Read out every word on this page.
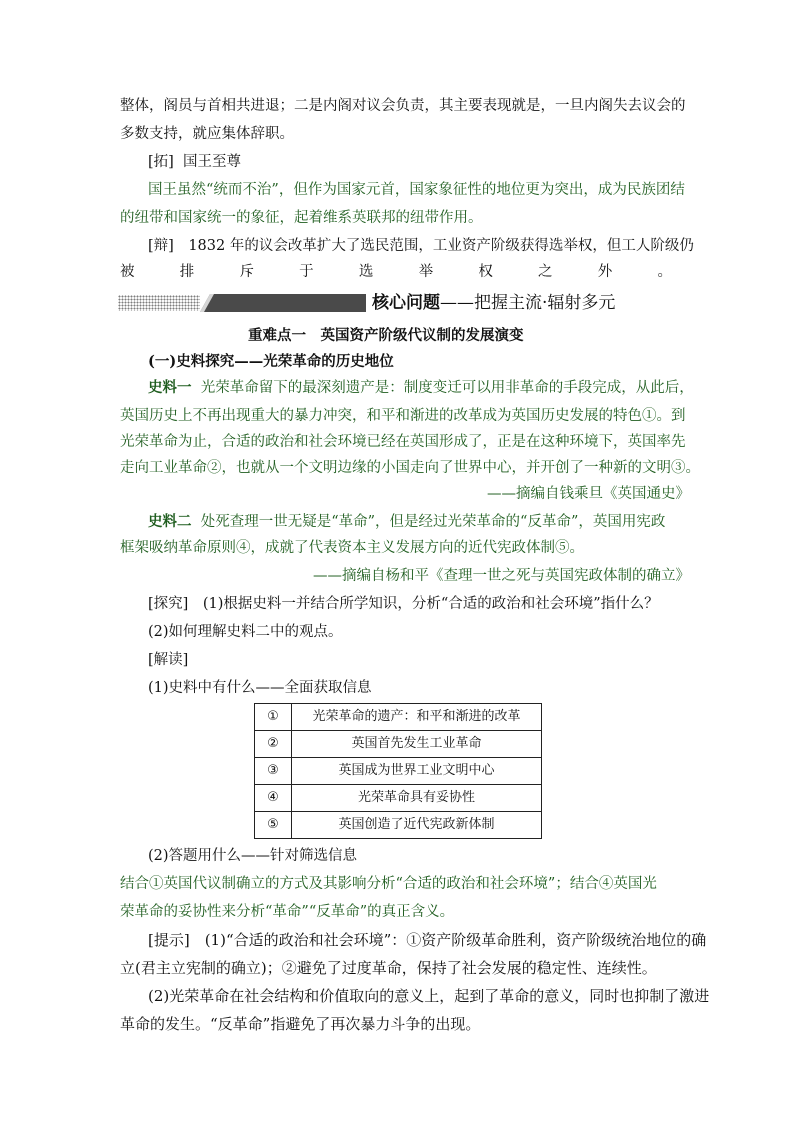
整体，阁员与首相共进退；二是内阁对议会负责，其主要表现就是，一旦内阁失去议会的
多数支持，就应集体辞职。
[拓] 国王至尊
国王虽然“统而不治”，但作为国家元首，国家象征性的地位更为突出，成为民族团结
的纽带和国家统一的象征，起着维系英联邦的纽带作用。
[辩]　1832 年的议会改革扩大了选民范围，工业资产阶级获得选举权，但工人阶级仍
被排斥于选举权之外。
核心问题——把握主流·辐射多元
重难点一　英国资产阶级代议制的发展演变
(一)史料探究——光荣革命的历史地位
史料一 光荣革命留下的最深刻遗产是：制度变迁可以用非革命的手段完成，从此后，
英国历史上不再出现重大的暴力冲突，和平和渐进的改革成为英国历史发展的特色①。到
光荣革命为止，合适的政治和社会环境已经在英国形成了，正是在这种环境下，英国率先
走向工业革命②，也就从一个文明边缘的小国走向了世界中心，并开创了一种新的文明③。
——摘编自钱乘旦《英国通史》
史料二 处死查理一世无疑是“革命”，但是经过光荣革命的“反革命”，英国用宪政
框架吸纳革命原则④，成就了代表资本主义发展方向的近代宪政体制⑤。
——摘编自杨和平《查理一世之死与英国宪政体制的确立》
[探究]　(1)根据史料一并结合所学知识，分析“合适的政治和社会环境”指什么？
(2)如何理解史料二中的观点。
[解读]
(1)史料中有什么——全面获取信息
①	光荣革命的遗产：和平和渐进的改革
②	英国首先发生工业革命
③	英国成为世界工业文明中心
④	光荣革命具有妥协性
⑤	英国创造了近代宪政新体制
(2)答题用什么——针对筛选信息
结合①英国代议制确立的方式及其影响分析“合适的政治和社会环境”；结合④英国光
荣革命的妥协性来分析“革命”“反革命”的真正含义。
[提示]　(1)“合适的政治和社会环境”：①资产阶级革命胜利，资产阶级统治地位的确
立(君主立宪制的确立)；②避免了过度革命，保持了社会发展的稳定性、连续性。
(2)光荣革命在社会结构和价值取向的意义上，起到了革命的意义，同时也抑制了激进
革命的发生。“反革命”指避免了再次暴力斗争的出现。
